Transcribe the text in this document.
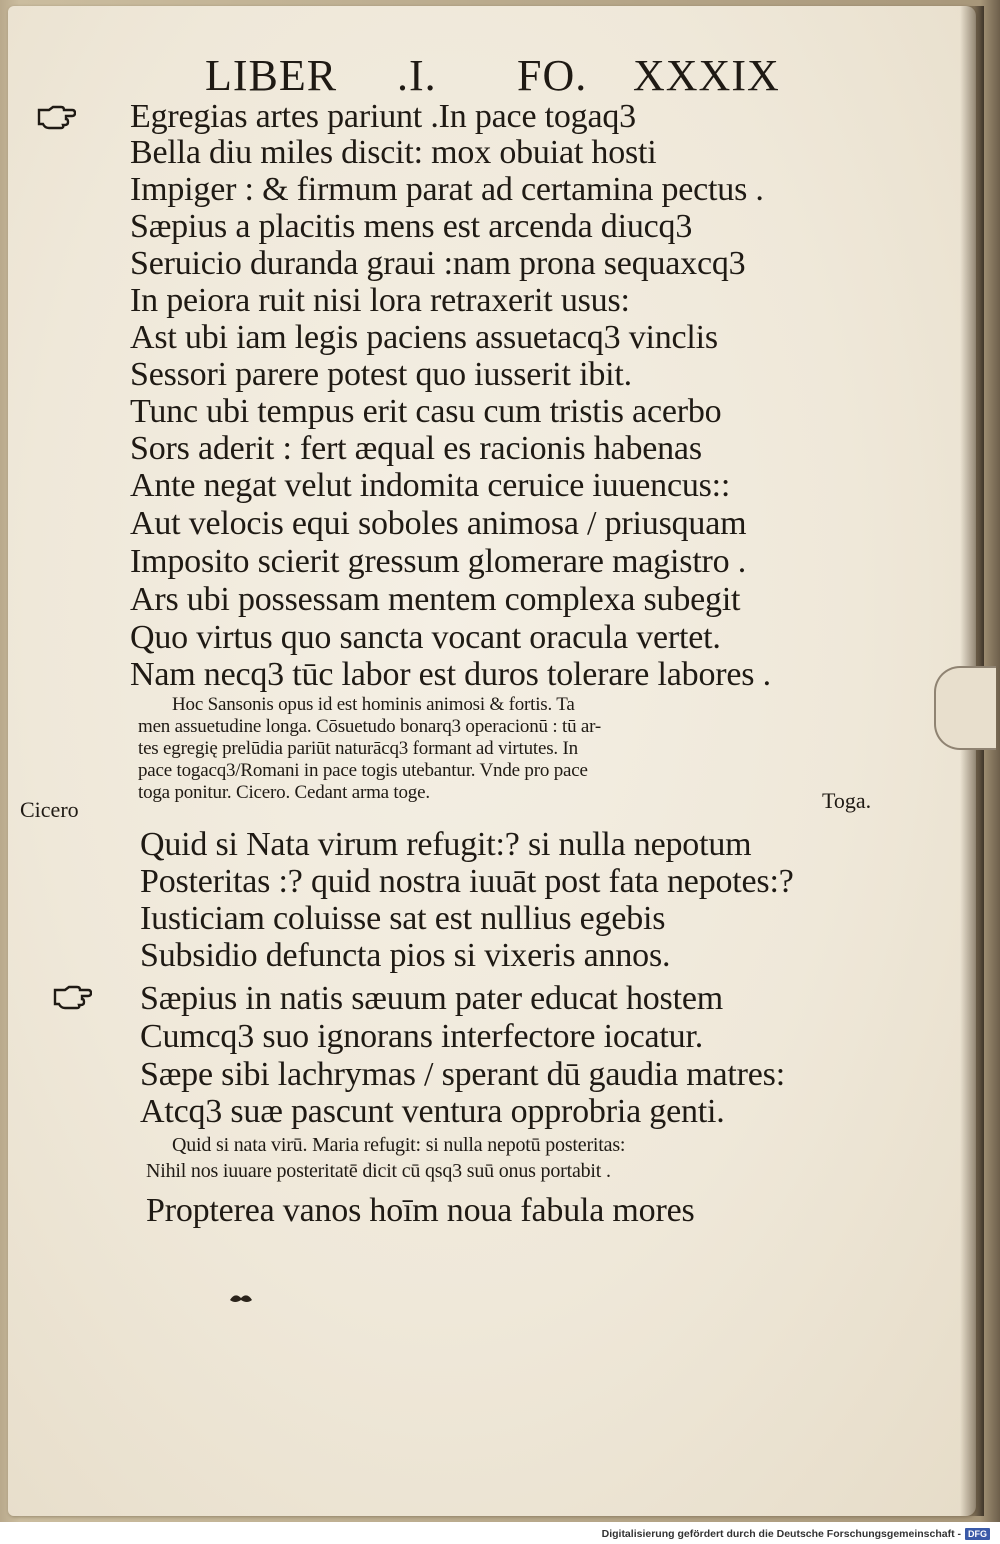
LIBER .I. FO. XXXIX
Egregias artes pariunt .In pace togaq3
Bella diu miles discit: mox obuiat hosti
Impiger : & firmum parat ad certamina pectus .
Sæpius a placitis mens est arcenda diucq3
Seruicio duranda graui :nam prona sequaxcq3
In peiora ruit nisi lora retraxerit usus:
Ast ubi iam legis paciens assuetacq3 vinclis
Sessori parere potest quo iusserit ibit.
Tunc ubi tempus erit casu cum tristis acerbo
Sors aderit : fert æqual es racionis habenas
Ante negat velut indomita ceruice iuuencus::
Aut velocis equi soboles animosa / priusquam
Imposito scierit gressum glomerare magistro .
Ars ubi possessam mentem complexa subegit
Quo virtus quo sancta vocant oracula vertet.
Nam necq3 tūc labor est duros tolerare labores .
Hoc Sansonis opus id est hominis animosi & fortis. Ta
men assuetudine longa. Cōsuetudo bonarq3 operacionū : tū ar-
tes egregię prelūdia pariūt naturācq3 formant ad virtutes. In
pace togacq3/Romani in pace togis utebantur. Vnde pro pace
toga ponitur. Cicero. Cedant arma toge.
Cicero	Toga.
Quid si Nata virum refugit:? si nulla nepotum
Posteritas :? quid nostra iuuāt post fata nepotes:?
Iusticiam coluisse sat est nullius egebis
Subsidio defuncta pios si vixeris annos.
Sæpius in natis sæuum pater educat hostem
Cumcq3 suo ignorans interfectore iocatur.
Sæpe sibi lachrymas / sperant dū gaudia matres:
Atcq3 suæ pascunt ventura opprobria genti.
Quid si nata virū. Maria refugit: si nulla nepotū posteritas:
Nihil nos iuuare posteritatē dicit cū qsq3 suū onus portabit .
Propterea vanos hoīm noua fabula mores
Digitalisierung gefördert durch die Deutsche Forschungsgemeinschaft - DFG
